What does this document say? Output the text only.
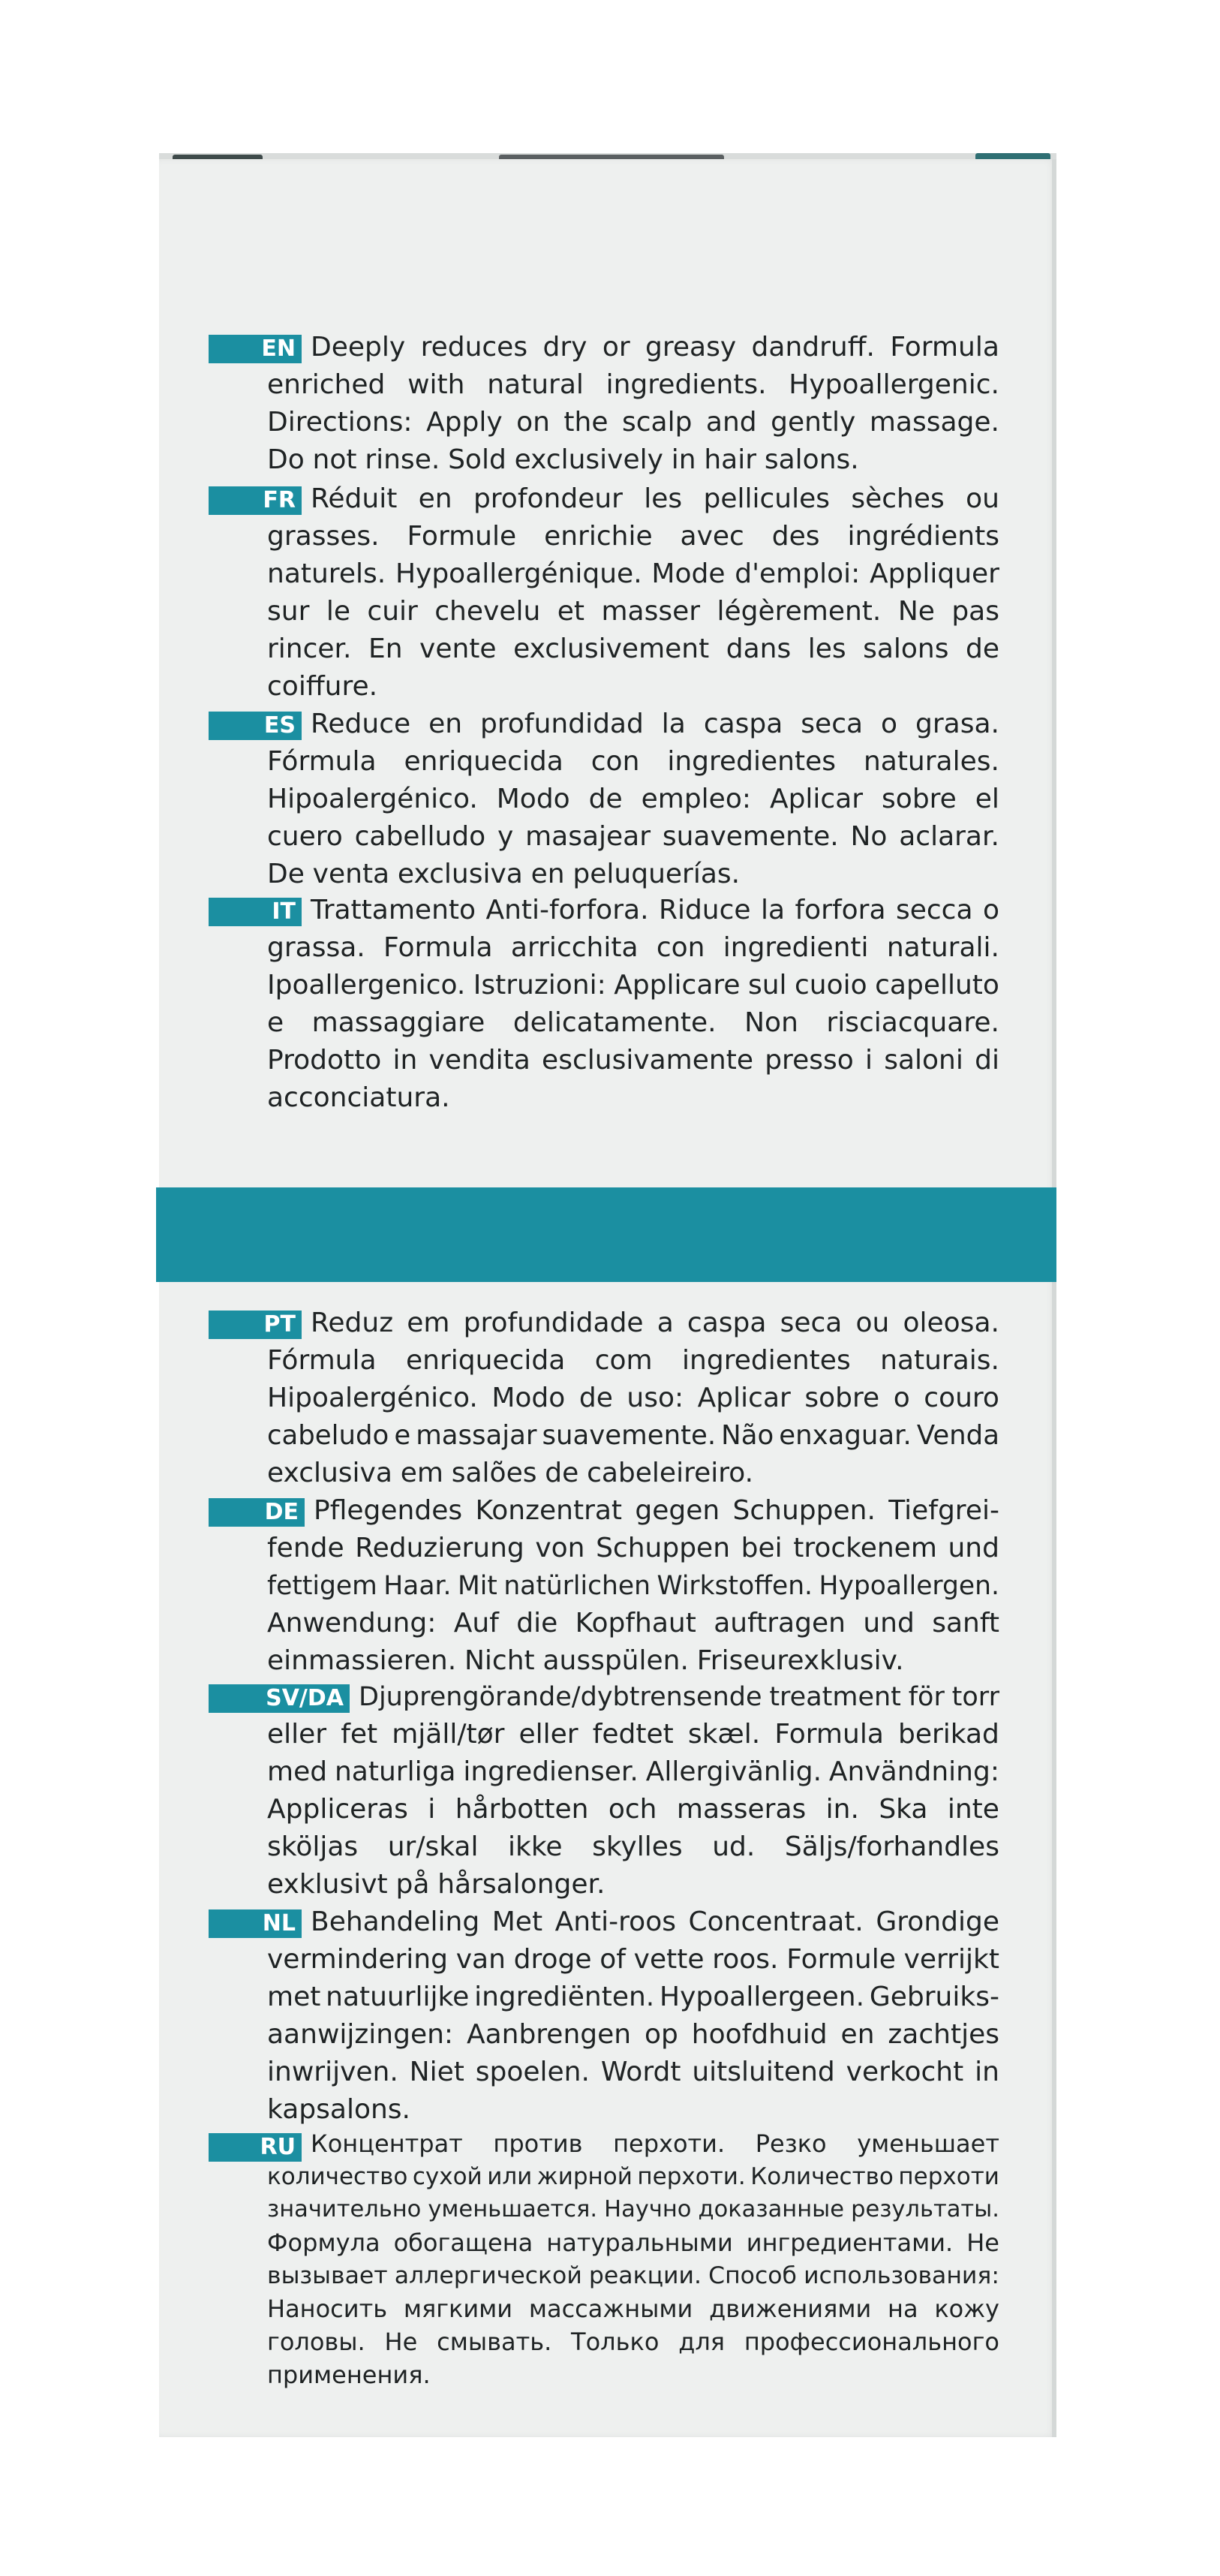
EN Deeply reduces dry or greasy dandruff. Formula
enriched with natural ingredients. Hypoallergenic.
Directions: Apply on the scalp and gently massage.
Do not rinse. Sold exclusively in hair salons.
FR Réduit en profondeur les pellicules sèches ou
grasses. Formule enrichie avec des ingrédients
naturels. Hypoallergénique. Mode d'emploi: Appliquer
sur le cuir chevelu et masser légèrement. Ne pas
rincer. En vente exclusivement dans les salons de
coiffure.
ES Reduce en profundidad la caspa seca o grasa.
Fórmula enriquecida con ingredientes naturales.
Hipoalergénico. Modo de empleo: Aplicar sobre el
cuero cabelludo y masajear suavemente. No aclarar.
De venta exclusiva en peluquerías.
IT Trattamento Anti-forfora. Riduce la forfora secca o
grassa. Formula arricchita con ingredienti naturali.
Ipoallergenico. Istruzioni: Applicare sul cuoio capelluto
e massaggiare delicatamente. Non risciacquare.
Prodotto in vendita esclusivamente presso i saloni di
acconciatura.
PT Reduz em profundidade a caspa seca ou oleosa.
Fórmula enriquecida com ingredientes naturais.
Hipoalergénico. Modo de uso: Aplicar sobre o couro
cabeludo e massajar suavemente. Não enxaguar. Venda
exclusiva em salões de cabeleireiro.
DE Pflegendes Konzentrat gegen Schuppen. Tiefgrei-
fende Reduzierung von Schuppen bei trockenem und
fettigem Haar. Mit natürlichen Wirkstoffen. Hypoallergen.
Anwendung: Auf die Kopfhaut auftragen und sanft
einmassieren. Nicht ausspülen. Friseurexklusiv.
SV/DA Djuprengörande/dybtrensende treatment för torr
eller fet mjäll/tør eller fedtet skæl. Formula berikad
med naturliga ingredienser. Allergivänlig. Användning:
Appliceras i hårbotten och masseras in. Ska inte
sköljas ur/skal ikke skylles ud. Säljs/forhandles
exklusivt på hårsalonger.
NL Behandeling Met Anti-roos Concentraat. Grondige
vermindering van droge of vette roos. Formule verrijkt
met natuurlijke ingrediënten. Hypoallergeen. Gebruiks-
aanwijzingen: Aanbrengen op hoofdhuid en zachtjes
inwrijven. Niet spoelen. Wordt uitsluitend verkocht in
kapsalons.
RU Концентрат против перхоти. Резко уменьшает
количество сухой или жирной перхоти. Количество перхоти
значительно уменьшается. Научно доказанные результаты.
Формула обогащена натуральными ингредиентами. Не
вызывает аллергической реакции. Способ использования:
Наносить мягкими массажными движениями на кожу
головы. Не смывать. Только для профессионального
применения.
